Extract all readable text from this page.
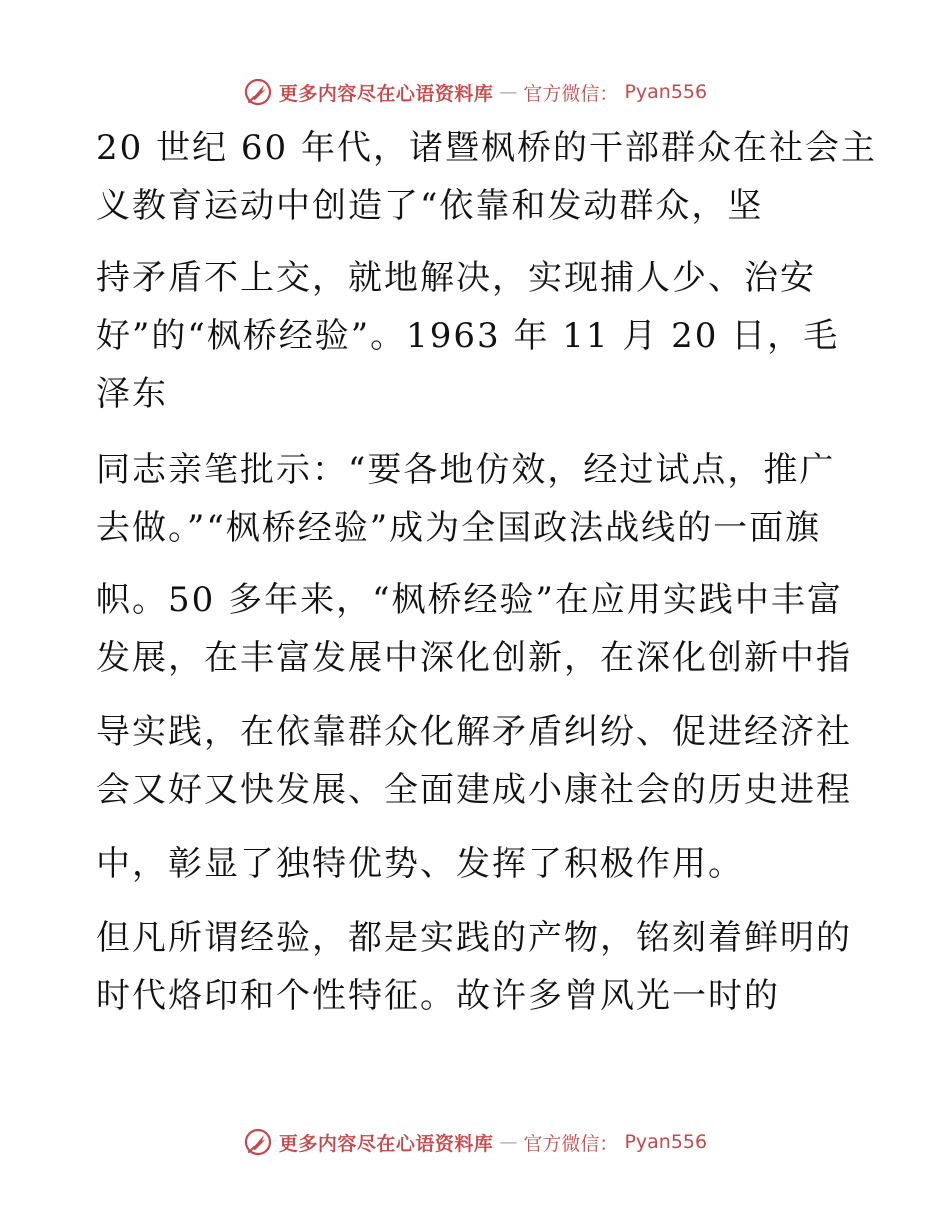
更多内容尽在心语资料库 — 官方微信： Pyan556
20 世纪 60 年代，诸暨枫桥的干部群众在社会主
义教育运动中创造了“依靠和发动群众，坚
持矛盾不上交，就地解决，实现捕人少、治安
好”的“枫桥经验”。1963 年 11 月 20 日，毛
泽东
同志亲笔批示：“要各地仿效，经过试点，推广
去做。”“枫桥经验”成为全国政法战线的一面旗
帜。50 多年来，“枫桥经验”在应用实践中丰富
发展，在丰富发展中深化创新，在深化创新中指
导实践，在依靠群众化解矛盾纠纷、促进经济社
会又好又快发展、全面建成小康社会的历史进程
中，彰显了独特优势、发挥了积极作用。
但凡所谓经验，都是实践的产物，铭刻着鲜明的
时代烙印和个性特征。故许多曾风光一时的
更多内容尽在心语资料库 — 官方微信： Pyan556
